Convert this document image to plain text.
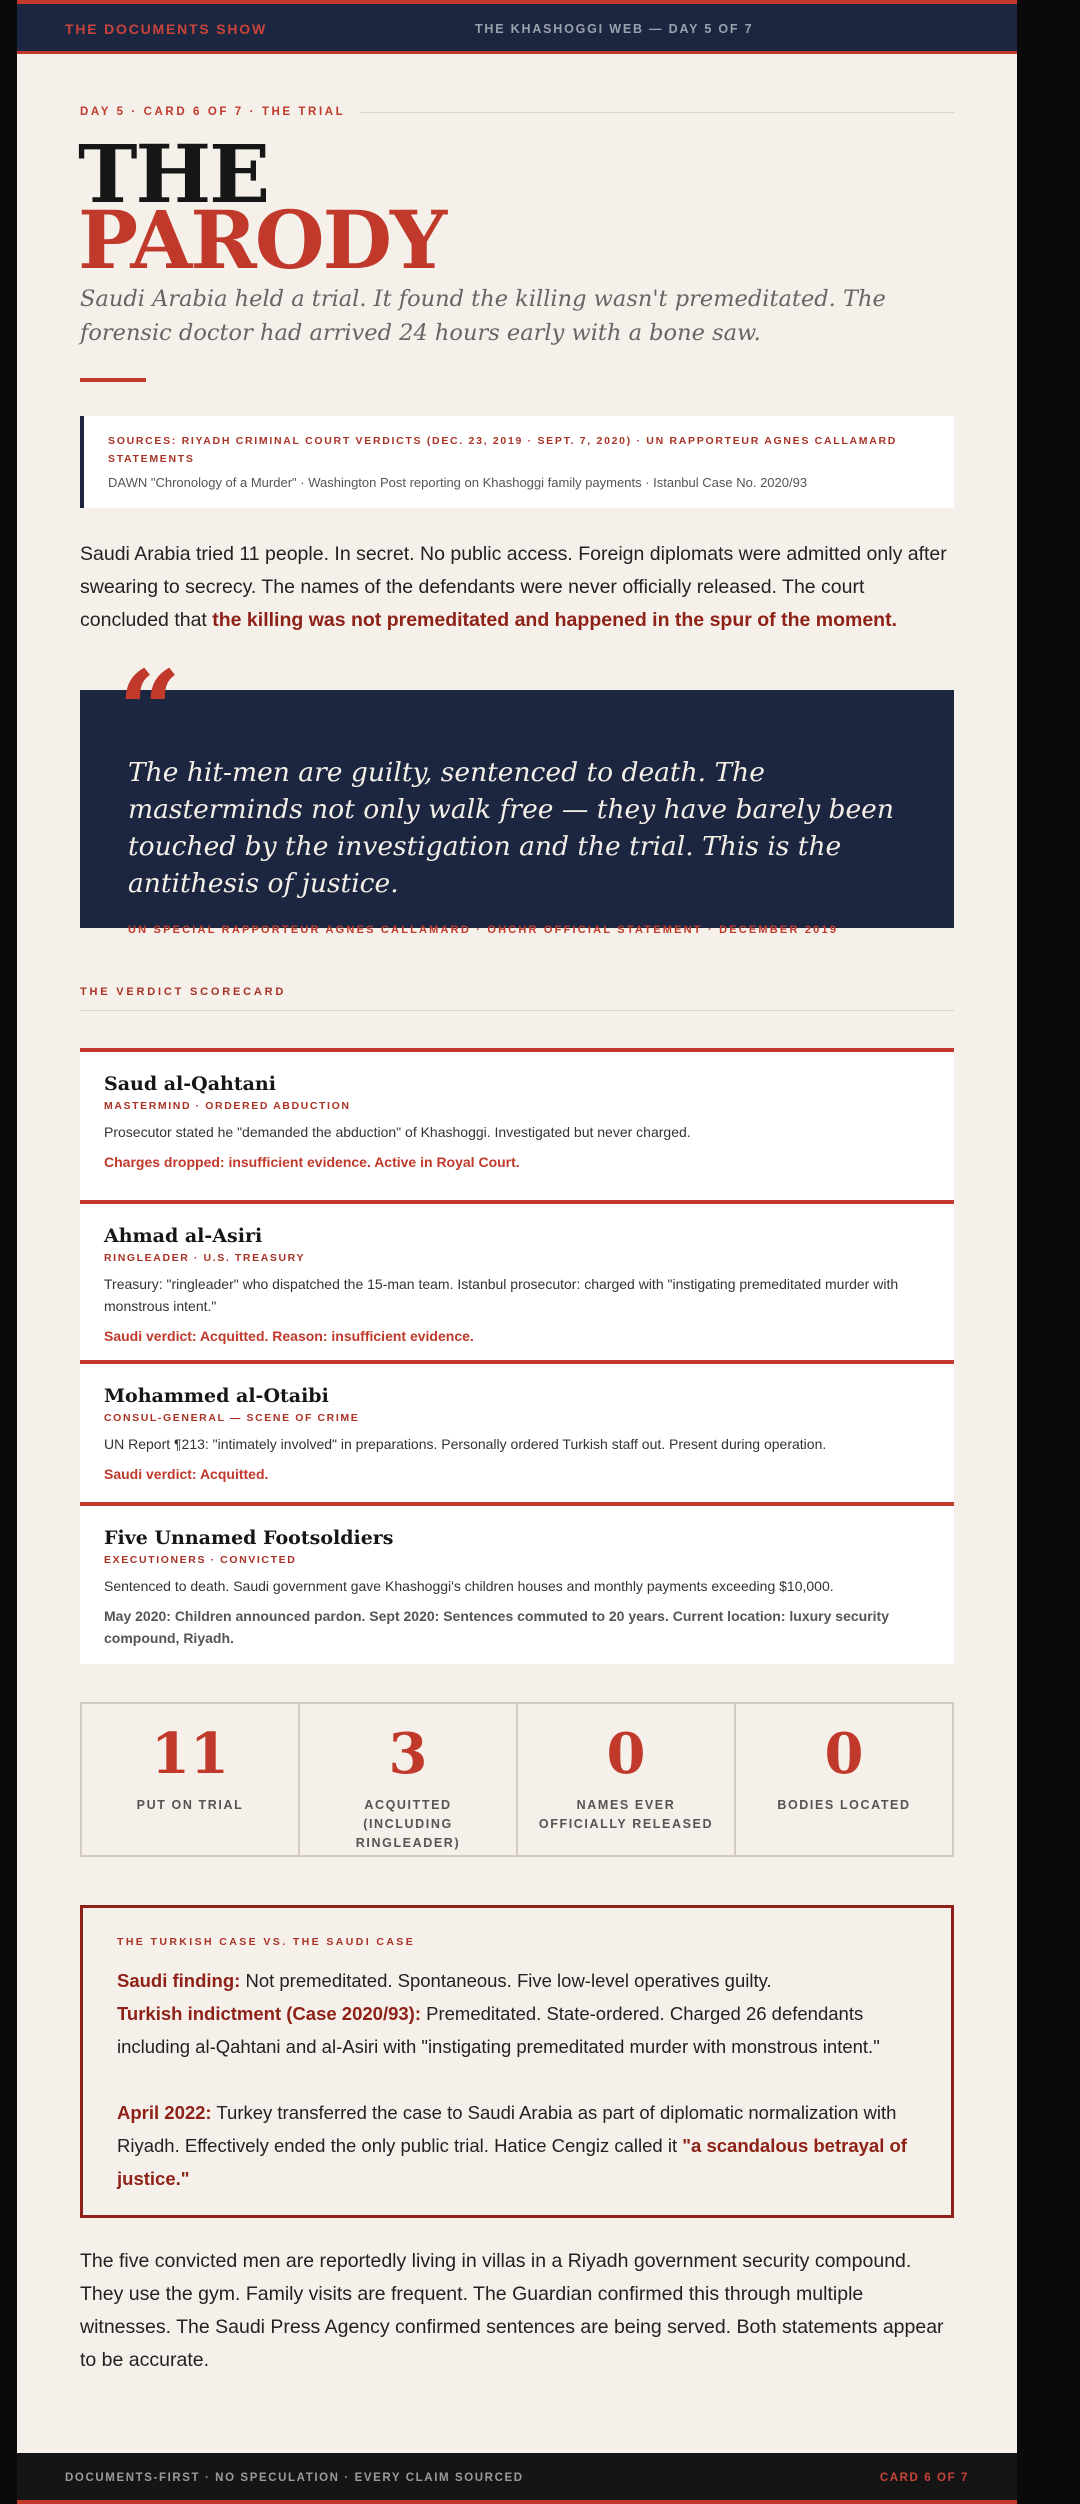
THE DOCUMENTS SHOW	THE KHASHOGGI WEB — DAY 5 OF 7
DAY 5 · CARD 6 OF 7 · THE TRIAL
THE
PARODY
Saudi Arabia held a trial. It found the killing wasn't premeditated. The forensic doctor had arrived 24 hours early with a bone saw.
SOURCES: RIYADH CRIMINAL COURT VERDICTS (DEC. 23, 2019 · SEPT. 7, 2020) · UN RAPPORTEUR AGNES CALLAMARD STATEMENTS
DAWN "Chronology of a Murder" · Washington Post reporting on Khashoggi family payments · Istanbul Case No. 2020/93
Saudi Arabia tried 11 people. In secret. No public access. Foreign diplomats were admitted only after swearing to secrecy. The names of the defendants were never officially released. The court concluded that the killing was not premeditated and happened in the spur of the moment.
“
The hit-men are guilty, sentenced to death. The masterminds not only walk free — they have barely been touched by the investigation and the trial. This is the antithesis of justice.
UN SPECIAL RAPPORTEUR AGNES CALLAMARD · OHCHR OFFICIAL STATEMENT · DECEMBER 2019
THE VERDICT SCORECARD
Saud al-Qahtani
MASTERMIND · ORDERED ABDUCTION
Prosecutor stated he "demanded the abduction" of Khashoggi. Investigated but never charged.
Charges dropped: insufficient evidence. Active in Royal Court.
Ahmad al-Asiri
RINGLEADER · U.S. TREASURY
Treasury: "ringleader" who dispatched the 15-man team. Istanbul prosecutor: charged with "instigating premeditated murder with monstrous intent."
Saudi verdict: Acquitted. Reason: insufficient evidence.
Mohammed al-Otaibi
CONSUL-GENERAL — SCENE OF CRIME
UN Report ¶213: "intimately involved" in preparations. Personally ordered Turkish staff out. Present during operation.
Saudi verdict: Acquitted.
Five Unnamed Footsoldiers
EXECUTIONERS · CONVICTED
Sentenced to death. Saudi government gave Khashoggi's children houses and monthly payments exceeding $10,000.
May 2020: Children announced pardon. Sept 2020: Sentences commuted to 20 years. Current location: luxury security compound, Riyadh.
11
PUT ON TRIAL
3
ACQUITTED (INCLUDING RINGLEADER)
0
NAMES EVER OFFICIALLY RELEASED
0
BODIES LOCATED
THE TURKISH CASE VS. THE SAUDI CASE

Saudi finding: Not premeditated. Spontaneous. Five low-level operatives guilty.

Turkish indictment (Case 2020/93): Premeditated. State-ordered. Charged 26 defendants including al-Qahtani and al-Asiri with "instigating premeditated murder with monstrous intent."

April 2022: Turkey transferred the case to Saudi Arabia as part of diplomatic normalization with Riyadh. Effectively ended the only public trial. Hatice Cengiz called it "a scandalous betrayal of justice."

The five convicted men are reportedly living in villas in a Riyadh government security compound. They use the gym. Family visits are frequent. The Guardian confirmed this through multiple witnesses. The Saudi Press Agency confirmed sentences are being served. Both statements appear to be accurate.
DOCUMENTS-FIRST · NO SPECULATION · EVERY CLAIM SOURCED	CARD 6 OF 7
